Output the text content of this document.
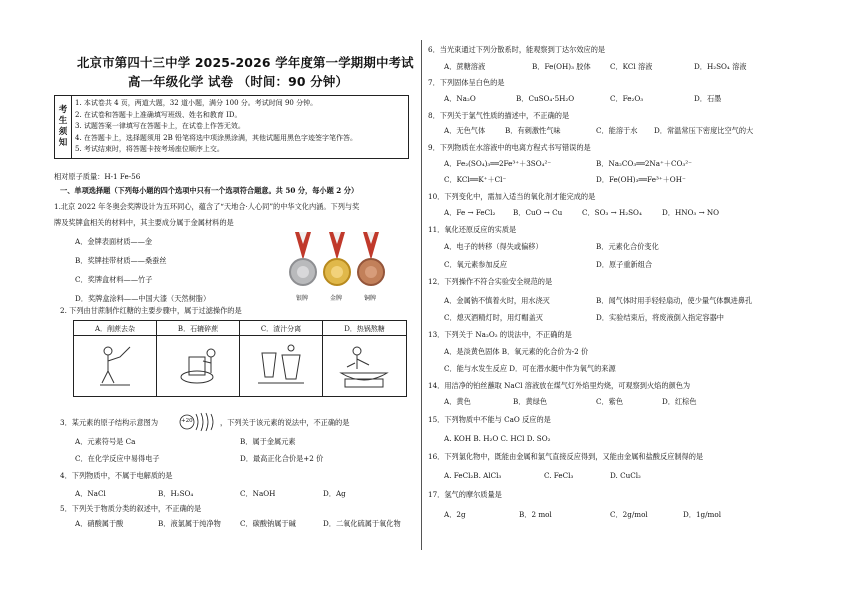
北京市第四十三中学 2025-2026 学年度第一学期期中考试
高一年级化学 试卷 （时间：90 分钟）
考
生
须
知
1. 本试卷共 4 页，两道大题，32 道小题，满分 100 分。考试时间 90 分钟。
2. 在试卷和答题卡上准确填写班级、姓名和教育 ID。
3. 试题答案一律填写在答题卡上，在试卷上作答无效。
4. 在答题卡上，选择题须用 2B 铅笔将选中项涂黑涂满，其他试题用黑色字迹签字笔作答。
5. 考试结束时，将答题卡按考场座位顺序上交。
相对原子质量：H-1 Fe-56
一、单项选择题（下列每小题的四个选项中只有一个选项符合题意。共 50 分，每小题 2 分）
1.北京 2022 年冬奥会奖牌设计为五环同心，蕴含了“天地合·人心同”的中华文化内涵。下列与奖
牌及奖牌盒相关的材料中，其主要成分属于金属材料的是
A．金牌表面材质——金
B．奖牌挂带材质——桑蚕丝
C．奖牌盒材料——竹子
D．奖牌盒涂料——中国大漆（天然树脂）	银牌	金牌	铜牌
2. 下列由甘蔗制作红糖的主要步骤中，属于过滤操作的是
A．削蔗去杂	B．石辘碎蔗	C．渣汁分离	D．热锅熬糖
3．某元素的原子结构示意图为	+20	，下列关于该元素的说法中，不正确的是
A．元素符号是 Ca	B．属于金属元素
C．在化学反应中易得电子	D．最高正化合价是+2 价
4．下列物质中，不属于电解质的是
A．NaCl	B．H₂SO₄	C．NaOH	D．Ag
5．下列关于物质分类的叙述中，不正确的是
A．硝酸属于酸	B．液氯属于纯净物	C．碳酸钠属于碱	D．二氧化硫属于氧化物
6．当光束通过下列分散系时，能观察到丁达尔效应的是
A．蔗糖溶液	B．Fe(OH)₃ 胶体	C．KCl 溶液	D．H₂SO₄ 溶液
7．下列固体呈白色的是
A．Na₂O	B．CuSO₄·5H₂O	C．Fe₂O₃	D．石墨
8．下列关于氯气性质的描述中，不正确的是
A．无色气体	B．有刺激性气味	C．能溶于水 D．常温常压下密度比空气的大
9．下列物质在水溶液中的电离方程式书写错误的是
A．Fe₂(SO₄)₃══2Fe³⁺＋3SO₄²⁻	B．Na₂CO₃══2Na⁺＋CO₃²⁻
C．KCl══K⁺＋Cl⁻	D．Fe(OH)₃══Fe³⁺＋OH⁻
10．下列变化中，需加入适当的氧化剂才能完成的是
A．Fe → FeCl₂ B．CuO → Cu	C．SO₃ → H₂SO₄	D．HNO₃ → NO
11．氧化还原反应的实质是
A．电子的转移（得失或偏移）	B．元素化合价变化
C．氧元素参加反应	D．原子重新组合
12．下列操作不符合实验安全规范的是
A．金属钠不慎着火时，用水浇灭	B．闻气体时用手轻轻扇动，使少量气体飘进鼻孔
C．熄灭酒精灯时，用灯帽盖灭	D．实验结束后，将废液倒入指定容器中
13．下列关于 Na₂O₂ 的说法中，不正确的是
A．是淡黄色固体 B．氧元素的化合价为-2 价
C．能与水发生反应 D．可在潜水艇中作为氧气的来源
14．用洁净的铂丝蘸取 NaCl 溶液放在煤气灯外焰里灼烧，可观察到火焰的颜色为
A．黄色	B．黄绿色	C．紫色	D．红棕色
15．下列物质中不能与 CaO 反应的是
A. KOH B. H₂O C. HCl D. SO₂
16．下列氯化物中，既能由金属和氯气直接反应得到，又能由金属和盐酸反应制得的是
A. FeCl₂B. AlCl₃	C. FeCl₃	D. CuCl₂
17．氢气的摩尔质量是
A．2g	B．2 mol	C．2g/mol	D．1g/mol
